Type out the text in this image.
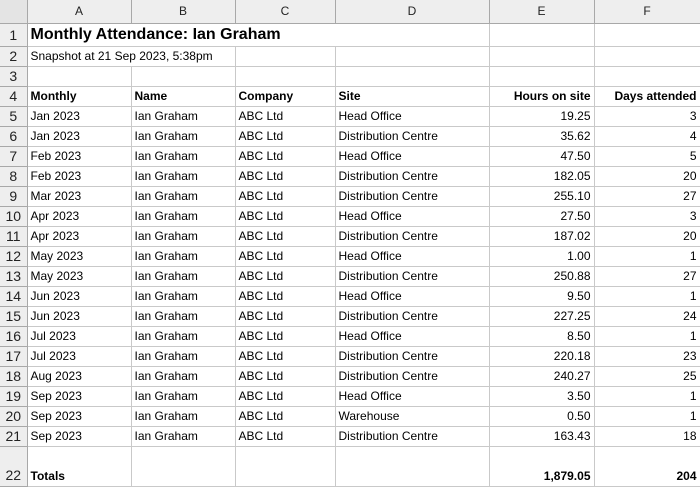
	A	B	C	D	E	F
1	Monthly Attendance: Ian Graham					
2	Snapshot at 21 Sep 2023, 5:38pm					
3						
4	Monthly	Name	Company	Site	Hours on site	Days attended
5	Jan 2023	Ian Graham	ABC Ltd	Head Office	19.25	3
6	Jan 2023	Ian Graham	ABC Ltd	Distribution Centre	35.62	4
7	Feb 2023	Ian Graham	ABC Ltd	Head Office	47.50	5
8	Feb 2023	Ian Graham	ABC Ltd	Distribution Centre	182.05	20
9	Mar 2023	Ian Graham	ABC Ltd	Distribution Centre	255.10	27
10	Apr 2023	Ian Graham	ABC Ltd	Head Office	27.50	3
11	Apr 2023	Ian Graham	ABC Ltd	Distribution Centre	187.02	20
12	May 2023	Ian Graham	ABC Ltd	Head Office	1.00	1
13	May 2023	Ian Graham	ABC Ltd	Distribution Centre	250.88	27
14	Jun 2023	Ian Graham	ABC Ltd	Head Office	9.50	1
15	Jun 2023	Ian Graham	ABC Ltd	Distribution Centre	227.25	24
16	Jul 2023	Ian Graham	ABC Ltd	Head Office	8.50	1
17	Jul 2023	Ian Graham	ABC Ltd	Distribution Centre	220.18	23
18	Aug 2023	Ian Graham	ABC Ltd	Distribution Centre	240.27	25
19	Sep 2023	Ian Graham	ABC Ltd	Head Office	3.50	1
20	Sep 2023	Ian Graham	ABC Ltd	Warehouse	0.50	1
21	Sep 2023	Ian Graham	ABC Ltd	Distribution Centre	163.43	18
22	Totals				1,879.05	204
